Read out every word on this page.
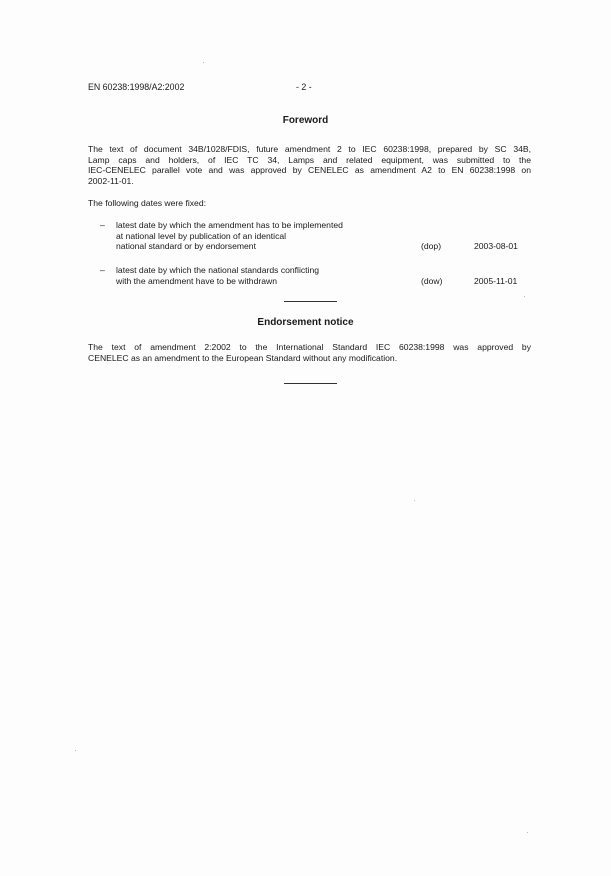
EN 60238:1998/A2:2002	- 2 -
Foreword
The text of document 34B/1028/FDIS, future amendment 2 to IEC 60238:1998, prepared by SC 34B,
Lamp caps and holders, of IEC TC 34, Lamps and related equipment, was submitted to the
IEC-CENELEC parallel vote and was approved by CENELEC as amendment A2 to EN 60238:1998 on
2002-11-01.
The following dates were fixed:
– latest date by which the amendment has to be implemented
at national level by publication of an identical
national standard or by endorsement	(dop)	2003-08-01
– latest date by which the national standards conflicting
with the amendment have to be withdrawn	(dow)	2005-11-01
Endorsement notice
The text of amendment 2:2002 to the International Standard IEC 60238:1998 was approved by
CENELEC as an amendment to the European Standard without any modification.
